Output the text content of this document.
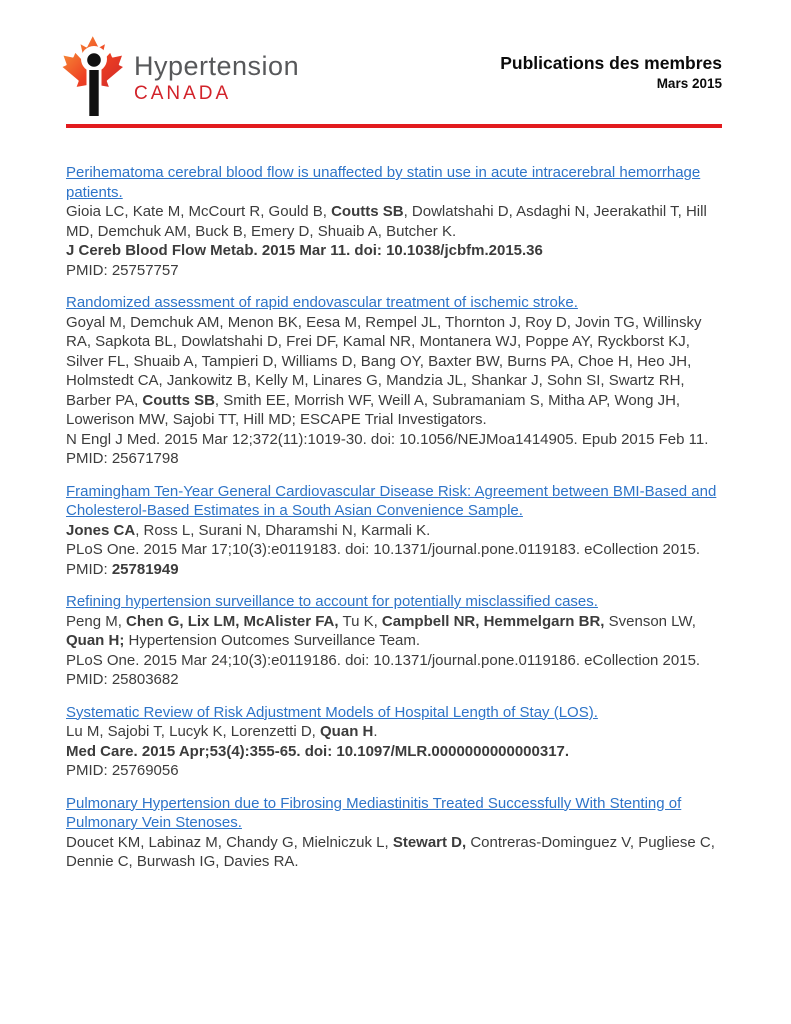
Hypertension
CANADA
Publications des membres
Mars 2015

Perihematoma cerebral blood flow is unaffected by statin use in acute intracerebral hemorrhage patients.

Gioia LC, Kate M, McCourt R, Gould B, Coutts SB, Dowlatshahi D, Asdaghi N, Jeerakathil T, Hill MD, Demchuk AM, Buck B, Emery D, Shuaib A, Butcher K.

J Cereb Blood Flow Metab. 2015 Mar 11. doi: 10.1038/jcbfm.2015.36

PMID: 25757757

Randomized assessment of rapid endovascular treatment of ischemic stroke.

Goyal M, Demchuk AM, Menon BK, Eesa M, Rempel JL, Thornton J, Roy D, Jovin TG, Willinsky RA, Sapkota BL, Dowlatshahi D, Frei DF, Kamal NR, Montanera WJ, Poppe AY, Ryckborst KJ, Silver FL, Shuaib A, Tampieri D, Williams D, Bang OY, Baxter BW, Burns PA, Choe H, Heo JH, Holmstedt CA, Jankowitz B, Kelly M, Linares G, Mandzia JL, Shankar J, Sohn SI, Swartz RH, Barber PA, Coutts SB, Smith EE, Morrish WF, Weill A, Subramaniam S, Mitha AP, Wong JH, Lowerison MW, Sajobi TT, Hill MD; ESCAPE Trial Investigators.

N Engl J Med. 2015 Mar 12;372(11):1019-30. doi: 10.1056/NEJMoa1414905. Epub 2015 Feb 11.

PMID: 25671798

Framingham Ten-Year General Cardiovascular Disease Risk: Agreement between BMI-Based and Cholesterol-Based Estimates in a South Asian Convenience Sample.

Jones CA, Ross L, Surani N, Dharamshi N, Karmali K.

PLoS One. 2015 Mar 17;10(3):e0119183. doi: 10.1371/journal.pone.0119183. eCollection 2015.

PMID: 25781949

Refining hypertension surveillance to account for potentially misclassified cases.

Peng M, Chen G, Lix LM, McAlister FA, Tu K, Campbell NR, Hemmelgarn BR, Svenson LW, Quan H; Hypertension Outcomes Surveillance Team.

PLoS One. 2015 Mar 24;10(3):e0119186. doi: 10.1371/journal.pone.0119186. eCollection 2015.

PMID: 25803682

Systematic Review of Risk Adjustment Models of Hospital Length of Stay (LOS).

Lu M, Sajobi T, Lucyk K, Lorenzetti D, Quan H.

Med Care. 2015 Apr;53(4):355-65. doi: 10.1097/MLR.0000000000000317.

PMID: 25769056

Pulmonary Hypertension due to Fibrosing Mediastinitis Treated Successfully With Stenting of Pulmonary Vein Stenoses.

Doucet KM, Labinaz M, Chandy G, Mielniczuk L, Stewart D, Contreras-Dominguez V, Pugliese C, Dennie C, Burwash IG, Davies RA.
